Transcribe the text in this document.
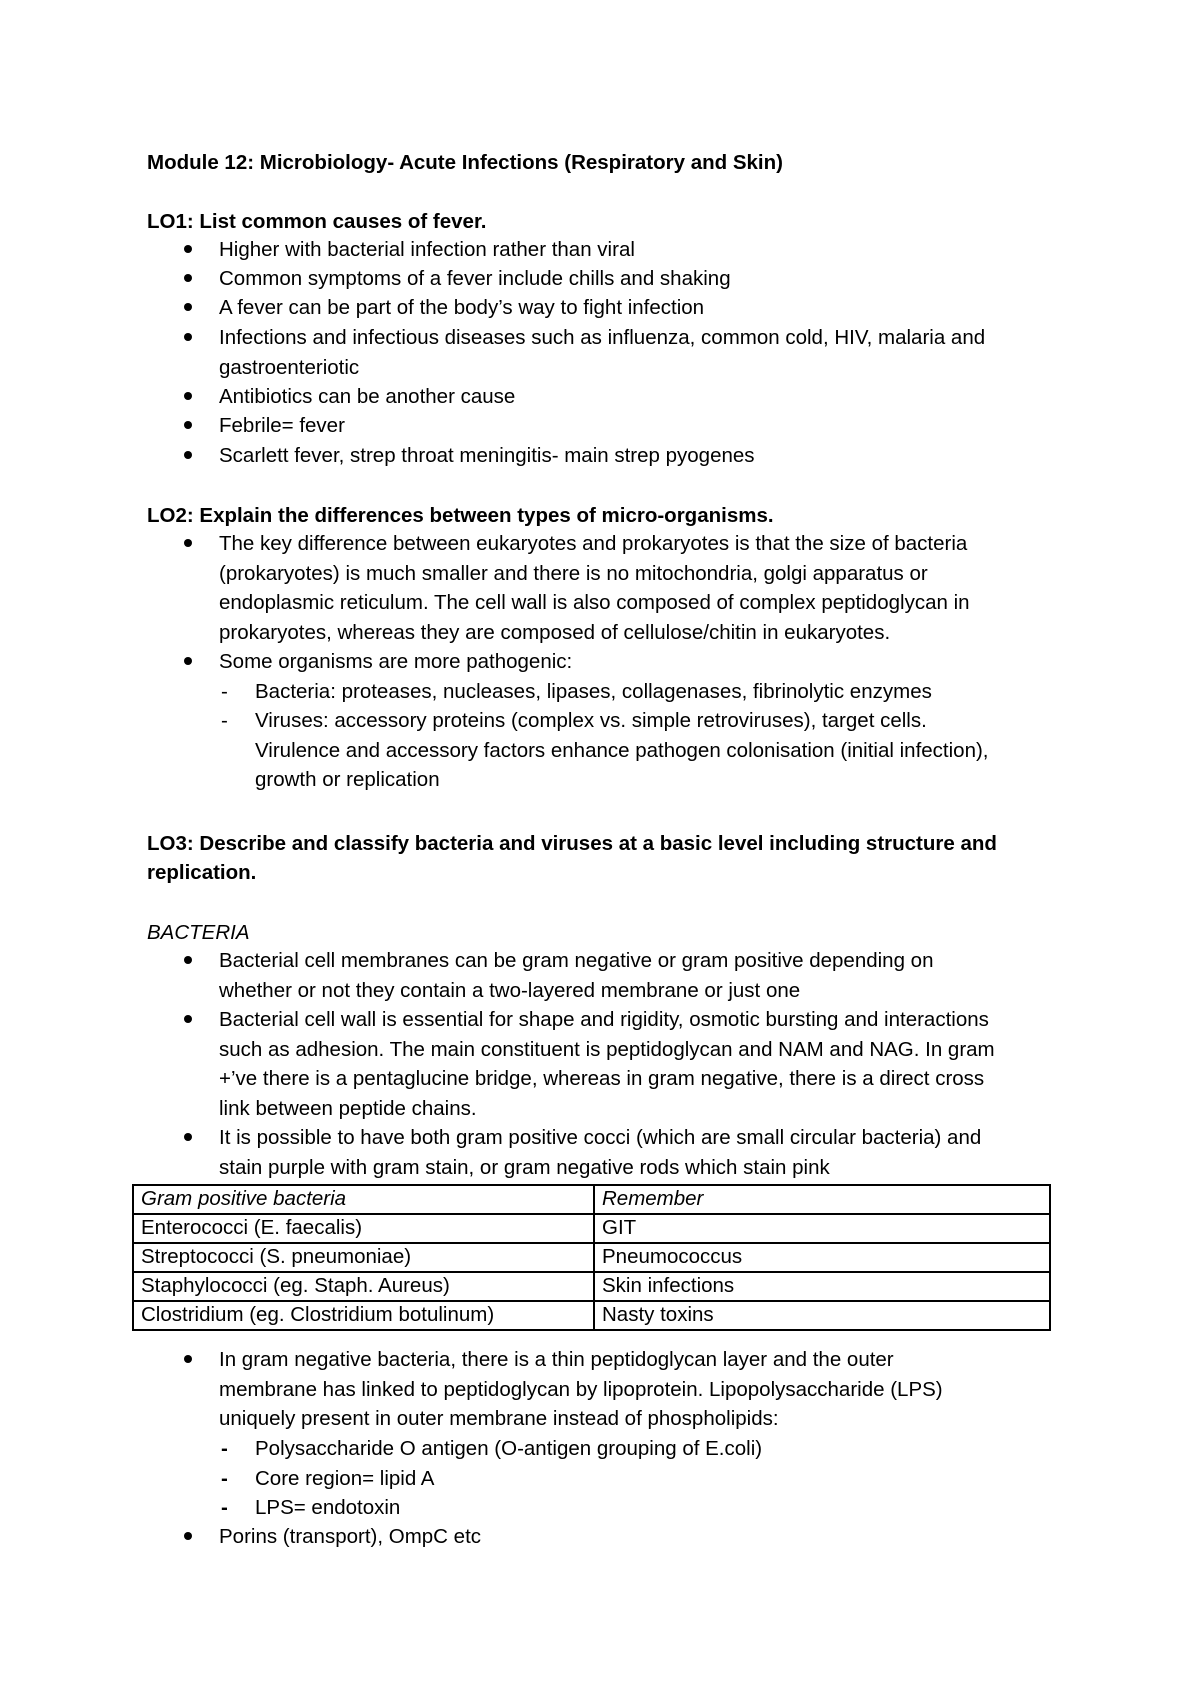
Module 12: Microbiology- Acute Infections (Respiratory and Skin)
LO1: List common causes of fever.
Higher with bacterial infection rather than viral
Common symptoms of a fever include chills and shaking
A fever can be part of the body’s way to fight infection
Infections and infectious diseases such as influenza, common cold, HIV, malaria and
gastroenteriotic
Antibiotics can be another cause
Febrile= fever
Scarlett fever, strep throat meningitis- main strep pyogenes
LO2: Explain the differences between types of micro-organisms.
The key difference between eukaryotes and prokaryotes is that the size of bacteria
(prokaryotes) is much smaller and there is no mitochondria, golgi apparatus or
endoplasmic reticulum. The cell wall is also composed of complex peptidoglycan in
prokaryotes, whereas they are composed of cellulose/chitin in eukaryotes.
Some organisms are more pathogenic:
- Bacteria: proteases, nucleases, lipases, collagenases, fibrinolytic enzymes
- Viruses: accessory proteins (complex vs. simple retroviruses), target cells.
Virulence and accessory factors enhance pathogen colonisation (initial infection),
growth or replication
LO3: Describe and classify bacteria and viruses at a basic level including structure and
replication.
BACTERIA
Bacterial cell membranes can be gram negative or gram positive depending on
whether or not they contain a two-layered membrane or just one
Bacterial cell wall is essential for shape and rigidity, osmotic bursting and interactions
such as adhesion. The main constituent is peptidoglycan and NAM and NAG. In gram
+’ve there is a pentaglucine bridge, whereas in gram negative, there is a direct cross
link between peptide chains.
It is possible to have both gram positive cocci (which are small circular bacteria) and
stain purple with gram stain, or gram negative rods which stain pink
Gram positive bacteria	Remember
Enterococci (E. faecalis)	GIT
Streptococci (S. pneumoniae)	Pneumococcus
Staphylococci (eg. Staph. Aureus)	Skin infections
Clostridium (eg. Clostridium botulinum)	Nasty toxins
In gram negative bacteria, there is a thin peptidoglycan layer and the outer
membrane has linked to peptidoglycan by lipoprotein. Lipopolysaccharide (LPS)
uniquely present in outer membrane instead of phospholipids:
- Polysaccharide O antigen (O-antigen grouping of E.coli)
- Core region= lipid A
- LPS= endotoxin
Porins (transport), OmpC etc
